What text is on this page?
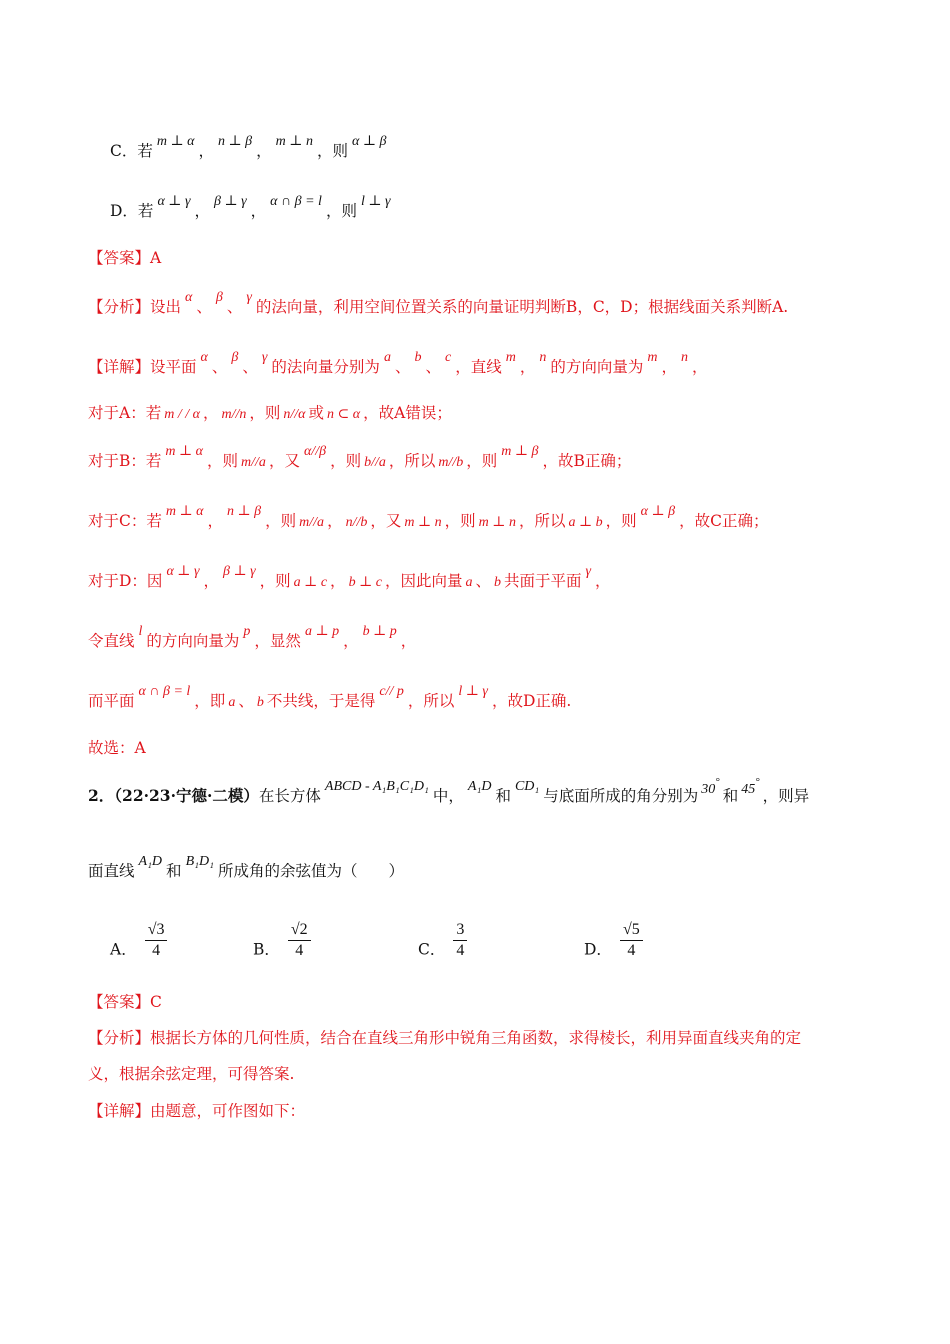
C．若m ⊥ α，n ⊥ β，m ⊥ n，则α ⊥ β
D．若α ⊥ γ，β ⊥ γ，α ∩ β = l，则l ⊥ γ
【答案】A
【分析】设出α、β、γ的法向量，利用空间位置关系的向量证明判断B，C，D；根据线面关系判断A.
【详解】设平面α、β、γ的法向量分别为a、b、c，直线m，n的方向向量为m，n，
对于A：若 m / / α ， m//n ，则 n//α 或 n ⊂ α ，故A错误；
对于B：若m ⊥ α，则 m//a ，又α//β，则 b//a ，所以 m//b ，则m ⊥ β，故B正确；
对于C：若m ⊥ α，n ⊥ β，则 m//a ， n//b ，又 m ⊥ n ，则 m ⊥ n ，所以 a ⊥ b ，则α ⊥ β，故C正确；
对于D：因α ⊥ γ，β ⊥ γ，则 a ⊥ c ， b ⊥ c ，因此向量 a 、 b 共面于平面γ，
令直线l的方向向量为p，显然a ⊥ p，b ⊥ p，
而平面α ∩ β = l，即 a 、 b 不共线，于是得c// p，所以l ⊥ γ，故D正确.
故选：A
2．（22·23·宁德·二模）在长方体ABCD - A₁B₁C₁D₁中，A₁D和CD₁与底面所成的角分别为 30°和 45°，则异
面直线A₁D和B₁D₁所成角的余弦值为（　　）
A． $\frac{√3}{4}$	B． $\frac{√2}{4}$	C． $\frac{3}{4}$	D． $\frac{√5}{4}$
【答案】C
【分析】根据长方体的几何性质，结合在直线三角形中锐角三角函数，求得棱长，利用异面直线夹角的定
义，根据余弦定理，可得答案.
【详解】由题意，可作图如下：
